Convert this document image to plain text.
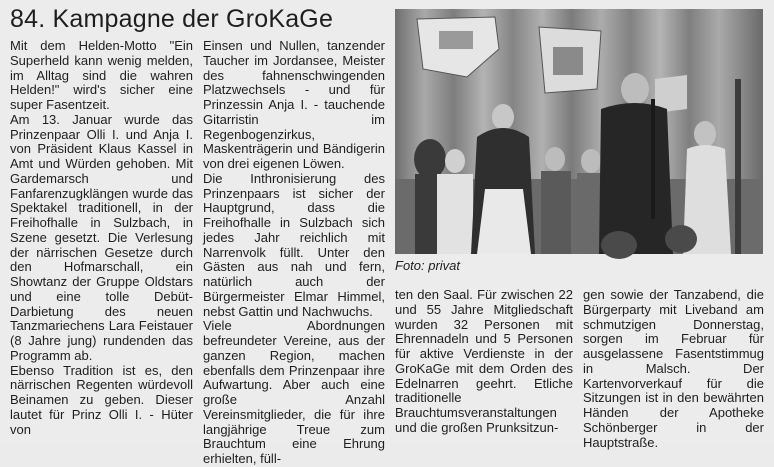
84. Kampagne der GroKaGe

Mit dem Helden-Motto "Ein Superheld kann wenig melden, im Alltag sind die wahren Helden!" wird's sicher eine super Fasentzeit.

Am 13. Januar wurde das Prinzenpaar Olli I. und Anja I. von Präsident Klaus Kassel in Amt und Würden gehoben. Mit Gardemarsch und Fanfarenzugklängen wurde das Spektakel traditionell, in der Freihofhalle in Sulzbach, in Szene gesetzt. Die Verlesung der närrischen Gesetze durch den Hofmarschall, ein Showtanz der Gruppe Oldstars und eine tolle Debüt-Darbietung des neuen Tanzmariechens Lara Feistauer (8 Jahre jung) rundenden das Programm ab.

Ebenso Tradition ist es, den närrischen Regenten würdevoll Beinamen zu geben. Dieser lautet für Prinz Olli I. - Hüter von

Einsen und Nullen, tanzender Taucher im Jordansee, Meister des fahnenschwingenden Platzwechsels - und für Prinzessin Anja I. - tauchende Gitarristin im Regenbogenzirkus, Maskenträgerin und Bändigerin von drei eigenen Löwen.

Die Inthronisierung des Prinzenpaars ist sicher der Hauptgrund, dass die Freihofhalle in Sulzbach sich jedes Jahr reichlich mit Narrenvolk füllt. Unter den Gästen aus nah und fern, natürlich auch der Bürgermeister Elmar Himmel, nebst Gattin und Nachwuchs.

Viele Abordnungen befreundeter Vereine, aus der ganzen Region, machen ebenfalls dem Prinzenpaar ihre Aufwartung. Aber auch eine große Anzahl Vereinsmitglieder, die für ihre langjährige Treue zum Brauchtum eine Ehrung erhielten, füll-

Foto: privat

ten den Saal. Für zwischen 22 und 55 Jahre Mitgliedschaft wurden 32 Personen mit Ehrennadeln und 5 Personen für aktive Verdienste in der GroKaGe mit dem Orden des Edelnarren geehrt. Etliche traditionelle Brauchtumsveranstaltungen und die großen Prunksitzun-

gen sowie der Tanzabend, die Bürgerparty mit Liveband am schmutzigen Donnerstag, sorgen im Februar für ausgelassene Fasentstimmug in Malsch. Der Kartenvorverkauf für die Sitzungen ist in den bewährten Händen der Apotheke Schönberger in der Hauptstraße.
